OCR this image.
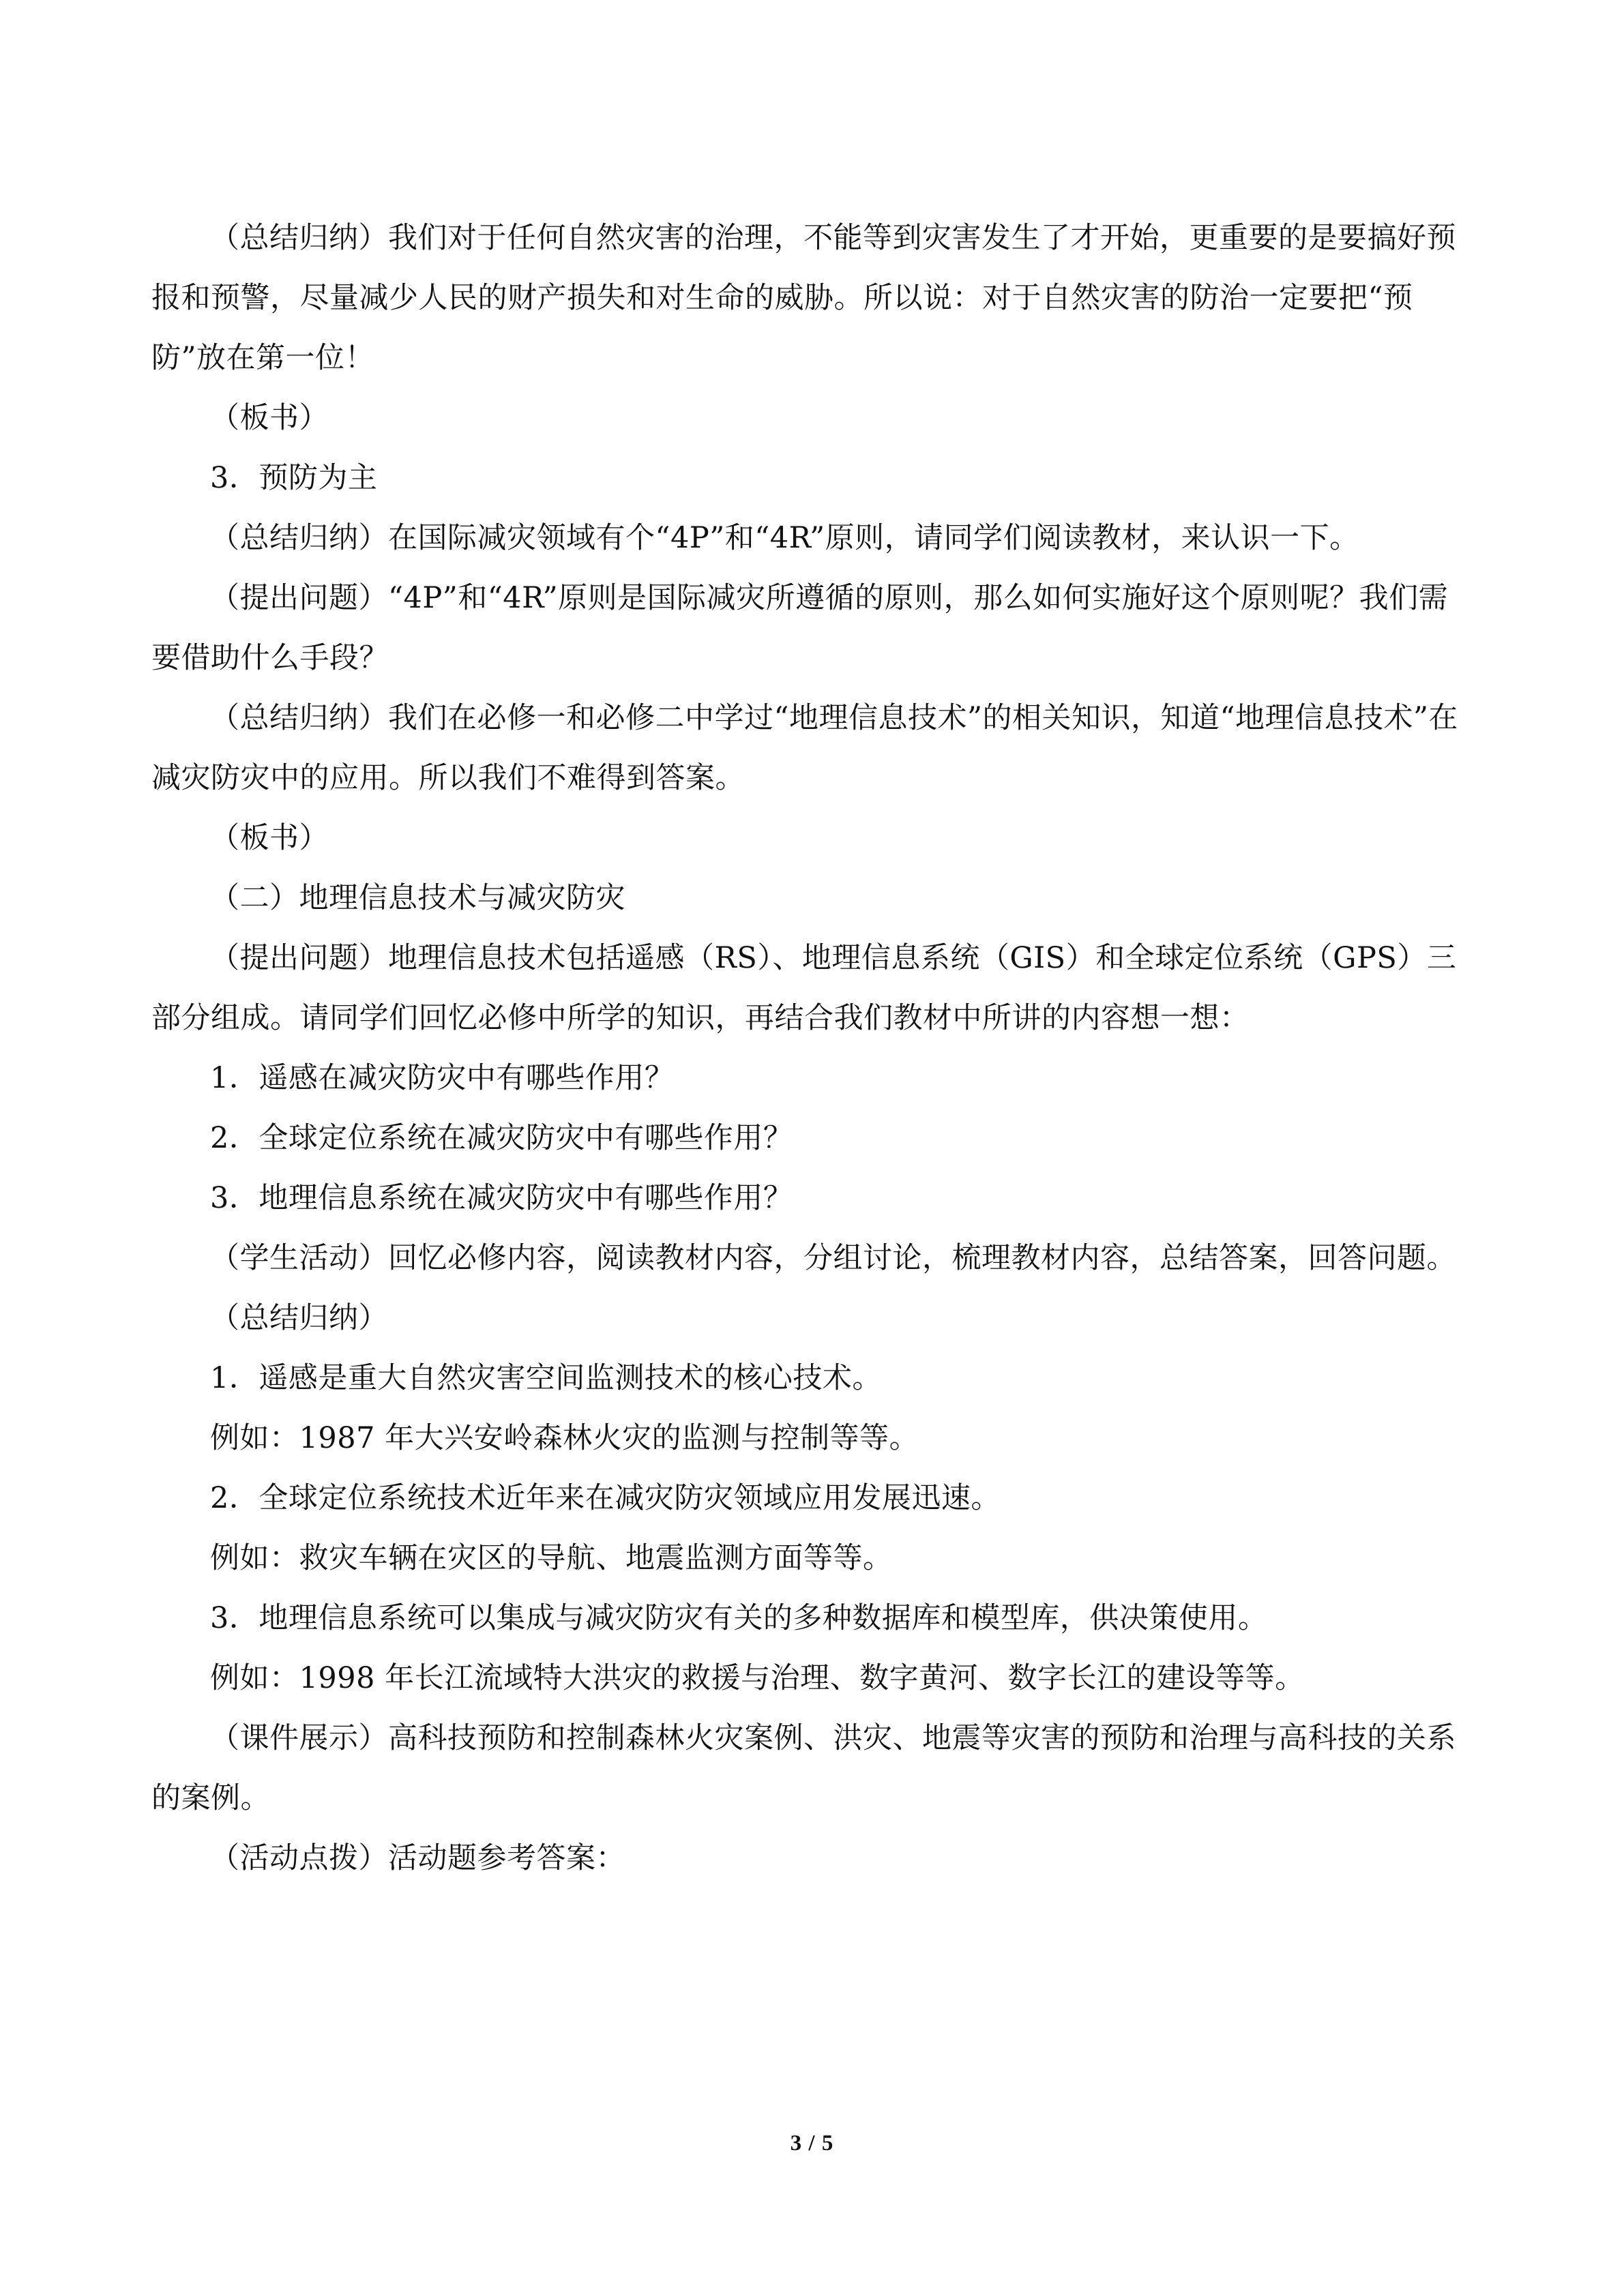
（总结归纳）我们对于任何自然灾害的治理，不能等到灾害发生了才开始，更重要的是要搞好预报和预警，尽量减少人民的财产损失和对生命的威胁。所以说：对于自然灾害的防治一定要把“预防”放在第一位！

（板书）

3．预防为主

（总结归纳）在国际减灾领域有个“4P”和“4R”原则，请同学们阅读教材，来认识一下。

（提出问题）“4P”和“4R”原则是国际减灾所遵循的原则，那么如何实施好这个原则呢？我们需要借助什么手段？

（总结归纳）我们在必修一和必修二中学过“地理信息技术”的相关知识，知道“地理信息技术”在减灾防灾中的应用。所以我们不难得到答案。

（板书）

（二）地理信息技术与减灾防灾

（提出问题）地理信息技术包括遥感（RS）、地理信息系统（GIS）和全球定位系统（GPS）三部分组成。请同学们回忆必修中所学的知识，再结合我们教材中所讲的内容想一想：

1．遥感在减灾防灾中有哪些作用？

2．全球定位系统在减灾防灾中有哪些作用？

3．地理信息系统在减灾防灾中有哪些作用？

（学生活动）回忆必修内容，阅读教材内容，分组讨论，梳理教材内容，总结答案，回答问题。

（总结归纳）

1．遥感是重大自然灾害空间监测技术的核心技术。

例如：1987 年大兴安岭森林火灾的监测与控制等等。

2．全球定位系统技术近年来在减灾防灾领域应用发展迅速。

例如：救灾车辆在灾区的导航、地震监测方面等等。

3．地理信息系统可以集成与减灾防灾有关的多种数据库和模型库，供决策使用。

例如：1998 年长江流域特大洪灾的救援与治理、数字黄河、数字长江的建设等等。

（课件展示）高科技预防和控制森林火灾案例、洪灾、地震等灾害的预防和治理与高科技的关系的案例。

（活动点拨）活动题参考答案：

3 / 5
